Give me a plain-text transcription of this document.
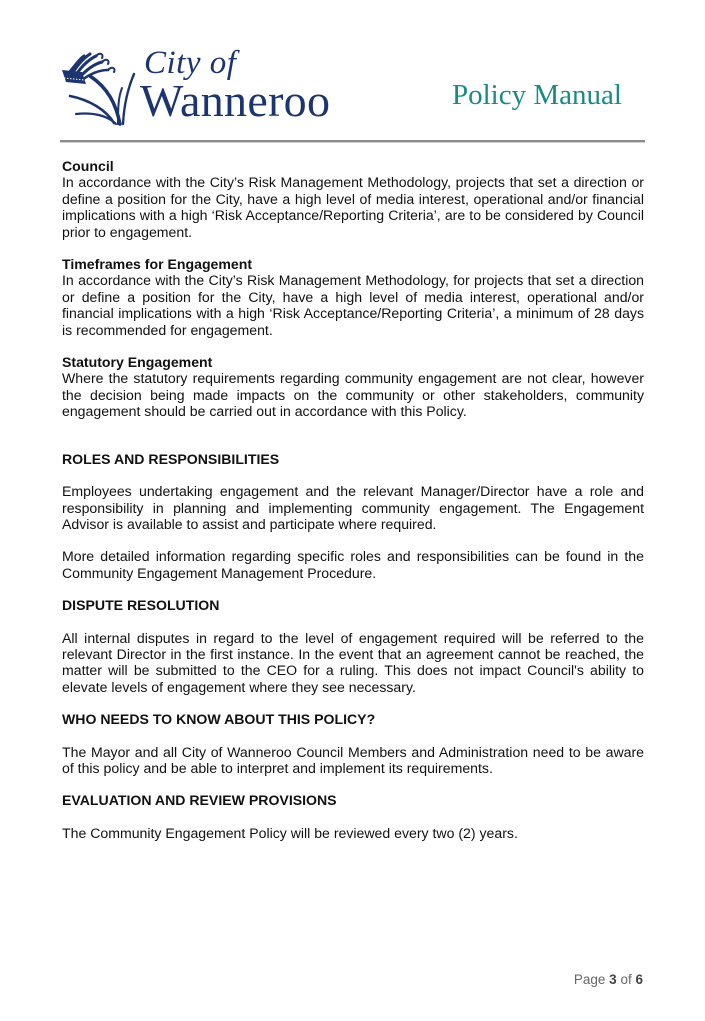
City of
Wanneroo	Policy Manual

Council

In accordance with the City’s Risk Management Methodology, projects that set a direction or define a position for the City, have a high level of media interest, operational and/or financial implications with a high ‘Risk Acceptance/Reporting Criteria’, are to be considered by Council prior to engagement.

Timeframes for Engagement

In accordance with the City’s Risk Management Methodology, for projects that set a direction or define a position for the City, have a high level of media interest, operational and/or financial implications with a high ‘Risk Acceptance/Reporting Criteria’, a minimum of 28 days is recommended for engagement.

Statutory Engagement

Where the statutory requirements regarding community engagement are not clear, however the decision being made impacts on the community or other stakeholders, community engagement should be carried out in accordance with this Policy.

ROLES AND RESPONSIBILITIES

Employees undertaking engagement and the relevant Manager/Director have a role and responsibility in planning and implementing community engagement. The Engagement Advisor is available to assist and participate where required.

More detailed information regarding specific roles and responsibilities can be found in the Community Engagement Management Procedure.

DISPUTE RESOLUTION

All internal disputes in regard to the level of engagement required will be referred to the relevant Director in the first instance. In the event that an agreement cannot be reached, the matter will be submitted to the CEO for a ruling. This does not impact Council's ability to elevate levels of engagement where they see necessary.

WHO NEEDS TO KNOW ABOUT THIS POLICY?

The Mayor and all City of Wanneroo Council Members and Administration need to be aware of this policy and be able to interpret and implement its requirements.

EVALUATION AND REVIEW PROVISIONS

The Community Engagement Policy will be reviewed every two (2) years.

Page 3 of 6
